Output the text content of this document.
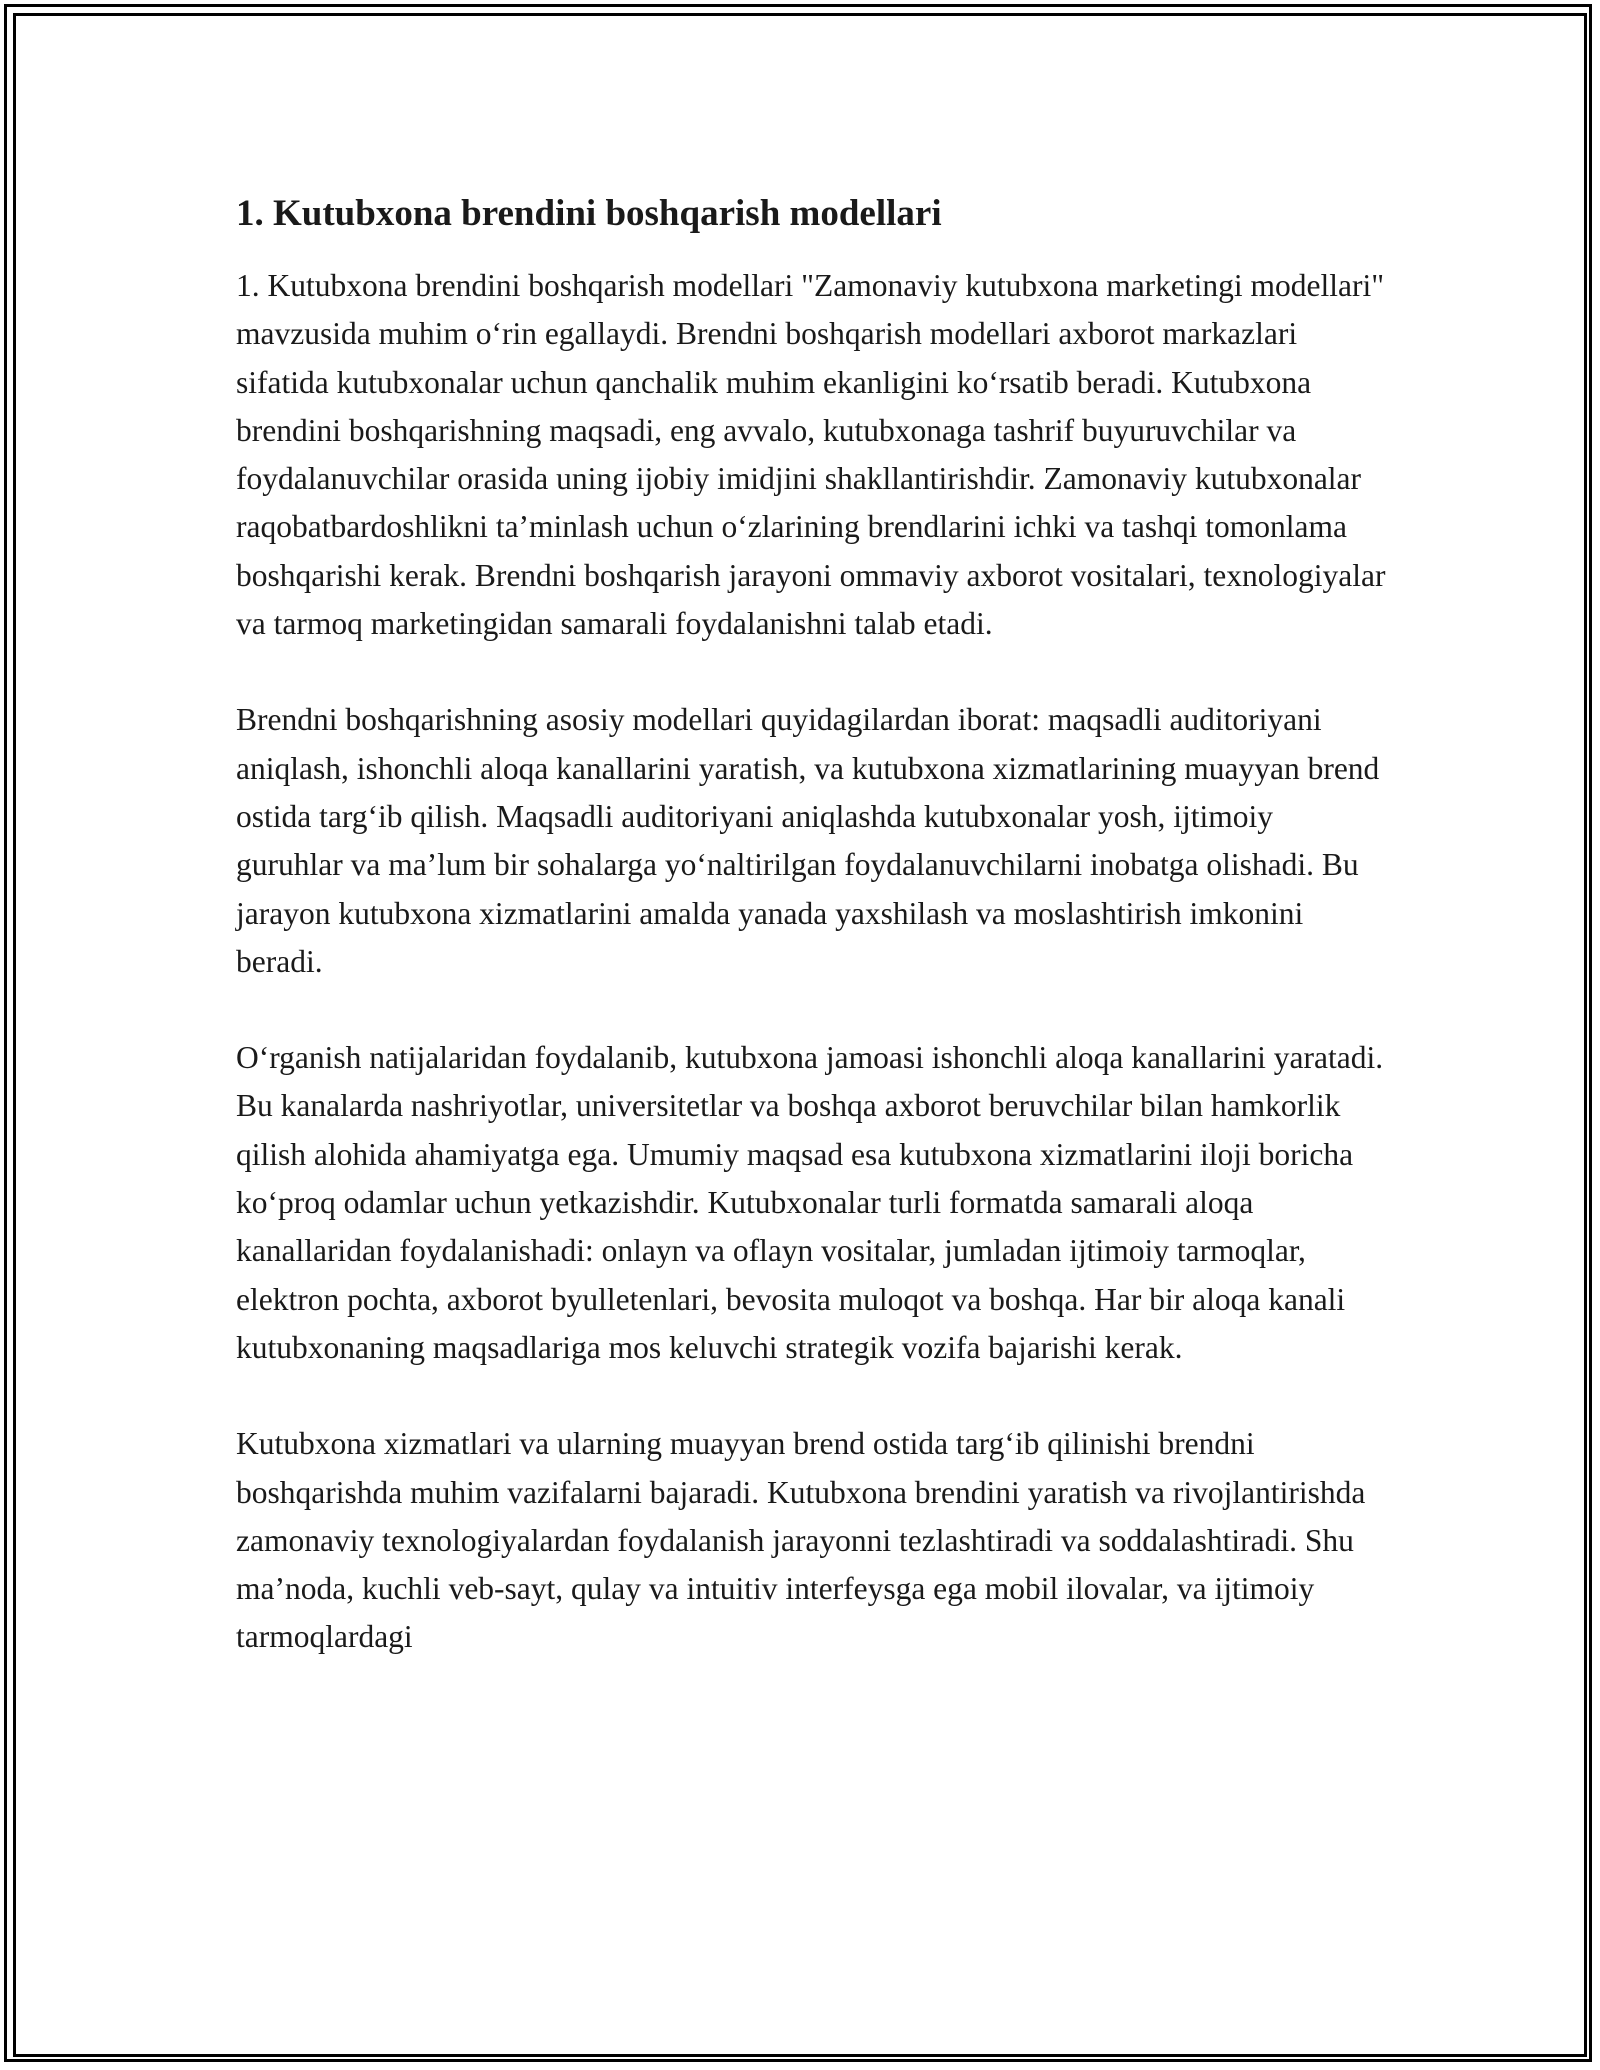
1. Kutubxona brendini boshqarish modellari

1. Kutubxona brendini boshqarish modellari "Zamonaviy kutubxona marketingi modellari" mavzusida muhim o‘rin egallaydi. Brendni boshqarish modellari axborot markazlari sifatida kutubxonalar uchun qanchalik muhim ekanligini ko‘rsatib beradi. Kutubxona brendini boshqarishning maqsadi, eng avvalo, kutubxonaga tashrif buyuruvchilar va foydalanuvchilar orasida uning ijobiy imidjini shakllantirishdir. Zamonaviy kutubxonalar raqobatbardoshlikni ta’minlash uchun o‘zlarining brendlarini ichki va tashqi tomonlama boshqarishi kerak. Brendni boshqarish jarayoni ommaviy axborot vositalari, texnologiyalar va tarmoq marketingidan samarali foydalanishni talab etadi.

Brendni boshqarishning asosiy modellari quyidagilardan iborat: maqsadli auditoriyani aniqlash, ishonchli aloqa kanallarini yaratish, va kutubxona xizmatlarining muayyan brend ostida targ‘ib qilish. Maqsadli auditoriyani aniqlashda kutubxonalar yosh, ijtimoiy guruhlar va ma’lum bir sohalarga yo‘naltirilgan foydalanuvchilarni inobatga olishadi. Bu jarayon kutubxona xizmatlarini amalda yanada yaxshilash va moslashtirish imkonini beradi.

O‘rganish natijalaridan foydalanib, kutubxona jamoasi ishonchli aloqa kanallarini yaratadi. Bu kanalarda nashriyotlar, universitetlar va boshqa axborot beruvchilar bilan hamkorlik qilish alohida ahamiyatga ega. Umumiy maqsad esa kutubxona xizmatlarini iloji boricha ko‘proq odamlar uchun yetkazishdir. Kutubxonalar turli formatda samarali aloqa kanallaridan foydalanishadi: onlayn va oflayn vositalar, jumladan ijtimoiy tarmoqlar, elektron pochta, axborot byulletenlari, bevosita muloqot va boshqa. Har bir aloqa kanali kutubxonaning maqsadlariga mos keluvchi strategik vozifa bajarishi kerak.

Kutubxona xizmatlari va ularning muayyan brend ostida targ‘ib qilinishi brendni boshqarishda muhim vazifalarni bajaradi. Kutubxona brendini yaratish va rivojlantirishda zamonaviy texnologiyalardan foydalanish jarayonni tezlashtiradi va soddalashtiradi. Shu ma’noda, kuchli veb-sayt, qulay va intuitiv interfeysga ega mobil ilovalar, va ijtimoiy tarmoqlardagi
